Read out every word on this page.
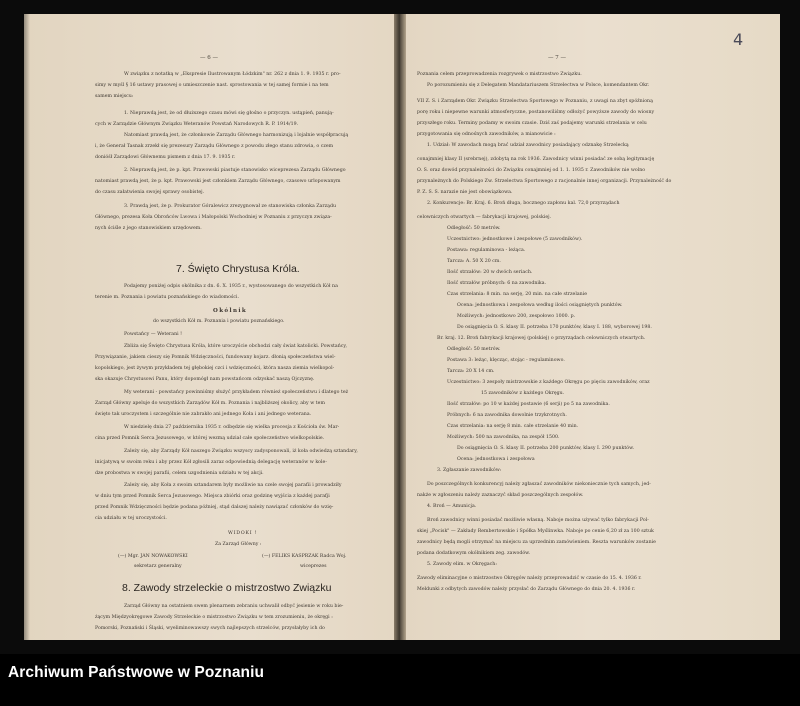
4
— 6 —
W związku z notatką w „Ekspresie Ilustrowanym Łódzkim" nr. 262 z dnia 1. 9. 1935 r. pro-
simy w myśl § 16 ustawy prasowej o umieszczenie nast. sprostowania w tej samej formie i na tem
samem miejscu:
1. Nieprawdą jest, że od dłuższego czasu mówi się głośno o przyczyn. ustąpień, panują-
cych w Zarządzie Głównym Związku Weteranów Powstań Narodowych R. P. 1914/19.
Natomiast prawdą jest, że członkowie Zarządu Głównego harmonizują i lojalnie współpracują
i, że Generał Tasnak zrzekł się prezesury Zarządu Głównego z powodu złego stanu zdrowia, o czem
donióśł Zarządowi Głównemu pismem z dnia 17. 9. 1935 r.
2. Nieprawdą jest, że p. kpt. Prawowski piastuje stanowisko wiceprezesa Zarządu Głównego
natomiast prawdą jest, że p. kpt. Prawowski jest członkiem Zarządu Głównego, czasowo urlopowanym
do czasu załatwienia swojej sprawy osobistej.
3. Prawdą jest, że p. Prokurator Góralewicz zrezygnował ze stanowiska członka Zarządu
Głównego, prezesa Koła Obrońców Lwowa i Małopolski Wschodniej w Poznaniu z przyczyn związa-
nych ściśle z jego stanowiskiem urzędowem.
7. Święto Chrystusa Króla.
Podajemy poniżej odpis okólnika z dn. 6. X. 1935 r., wystosowanego do wszystkich Kół na
terenie m. Poznania i powiatu poznańskiego do wiadomości.
Okólnik
do wszystkich Kół m. Poznania i powiatu poznańskiego.
Powstańcy — Weterani !
Zbliża się Święto Chrystusa Króla, które uroczyście obchodzi cały świat katolicki. Powstańcy,
Przywiązanie, jakiem cieszy się Pomnik Wdzięczności, fundowany kojarz. dłonią społeczeństwa wiel-
kopolskiego, jest żywym przykładem tej głębokiej czci i wdzięczności, która nasza ziemia wielkopol-
ska okazuje Chrystusowi Panu, który dopomógł nam powstańcom odzyskać naszą Ojczyznę.
My weterani - powstańcy powinniśmy służyć przykładem również społeczeństwu i dlatego też
Zarząd Główny apeluje do wszystkich Zarządów Kół m. Poznania i najbliższej okolicy, aby w tem
święto tak uroczystem i szczególnie nie zabrakło ani jednego Koła i ani jednego weterana.
W niedzielę dnia 27 października 1935 r. odbędzie się wielka procesja z Kościoła św. Mar-
cina przed Pomnik Serca Jezusowego, w której wezmą udział całe społeczeństwo wielkopolskie.
Zależy się, aby Zarządy Kół naszego Związku wszyscy zadysponowali, iż koła odwiedzą sztandary,
inicjatywą w swoim reku i aby przez Kół zgłosili zaraz odpowiednią delegację weteranów w kole-
dze probostwa w swojej parafii, celem uzgodnienia udziału w tej akcji.
Zależy się, aby Koła z swoim sztandarem były możliwie na czele swojej parafii i prowadziły
w dniu tym przed Pomnik Serca Jezusowego. Miejsca zbiórki oraz godzinę wyjścia z każdej parafji
przed Pomnik Wdzięczności będzie podana później, stąd dalszej należy nawiązać członków do wzię-
cia udziału w tej uroczystości.
WIDOKI !
Za Zarząd Główny :
(—) Mgr. JAN NOWAKOWSKI
sekretarz generalny
(—) FELIKS KASPRZAK Radca Woj.
wiceprezes
8. Zawody strzeleckie o mistrzostwo Związku
Zarząd Główny na ostatniem swem plenarnem zebraniu uchwalił odbyć jesienie w roku bie-
żącym Międzyokręgowe Zawody Strzeleckie o mistrzostwo Związku w tem zrozumieniu, że okręgi :
Pomorski, Poznański i Śląski, wyeliminowawszy swych najlepszych strzelców, przysłałyby ich do
— 7 —
Poznania celem przeprowadzenia rozgrywek o mistrzostwo Związku.
Po porozumieniu się z Delegatem Mandatariuszem Strzelectwa w Polsce, komendantem Okr.
VII Z. S. i Zarządem Okr. Związku Strzelectwa Sportowego w Poznaniu, z uwagi na zbyt spóźnioną
porę roku i niepewne warunki atmosferyczne, postanowiliśmy odłożyć powyższe zawody do wiosny
przyszłego roku. Terminy podamy w swoim czasie. Dziś zaś podajemy warunki strzelania w celu
przygotowania się odnośnych zawodników, a mianowicie :
1. Udział: W zawodach mogą brać udział zawodnicy posiadający odznakę Strzelecką
conajmniej klasy II (srebrnej), zdobytą na rok 1936. Zawodnicy winni posiadać ze sobą legitymację
O. S. oraz dowód przynależności do Związku conajmniej od 1. 1. 1935 r. Zawodników nie wolno
przynależnych do Polskiego Zw. Strzelectwa Sportowego z racjonalnie innej organizacji. Przynależność do
P. Z. S. S. narazie nie jest obowiązkowa.
2. Konkurencje: Br. Kraj. 6. Broń długa, bocznego zapłonu kal. 72,0 przyrządach
celowniczych otwartych — fabrykacji krajowej, polskiej.
Odległość: 50 metrów.
Uczestnictwo: jednostkowe i zespołowe (5 zawodników).
Postawa: regulaminowa - leżąca.
Tarcza: A. 50 X 20 cm.
Ilość strzałów: 20 w dwóch seriach.
Ilość strzałów próbnych: 6 na zawodnika.
Czas strzelania: 8 min. na serję, 20 min. na całe strzelanie
Ocena: jednostkowa i zespołowa według ilości osiągniętych punktów.
Możliwych: jednostkowo 200, zespołowo 1000. p.
Do osiągnięcia O. S. klasy II. potrzeba 170 punktów, klasy I. 188, wyborowej 198.
Br. kraj. 12. Broń fabrykacji krajowej (polskiej) o przyrządach celowniczych otwartych.
Odległość: 50 metrów.
Postawa 3: leżąc, klęcząc, stojąc - regulaminowo.
Tarcza: 20 X 14 cm.
Uczestnictwo: 3 zespoły mistrzowskie z każdego Okręgu po pięciu zawodników, oraz
15 zawodników z każdego Okręgu.
Ilość strzałów: po 10 w każdej postawie (6 serji) po 5 na zawodnika.
Próbnych: 6 na zawodnika dowolnie trzykrotnych.
Czas strzelania: na serję 8 min. całe strzelanie 40 min.
Możliwych: 500 na zawodnika, na zespół 1500.
Do osiągnięcia O. S. klasy II. potrzeba 200 punktów, klasy I. 290 punktów.
Ocena: jednostkowa i zespołowa
3. Zgłaszanie zawodników:
Do poszczególnych konkurencyj należy zgłaszać zawodników niekoniecznie tych samych, jed-
nakże w zgłoszeniu należy zaznaczyć skład poszczególnych zespołów.
4. Broń — Amunicja.
Broń zawodnicy winni posiadać możliwie własną. Naboje można używać tylko fabrykacji Pol-
skiej „Pocisk" — Zakłady Rembertowskie i Spółka Myślinwka. Naboje po cenie 6,20 zł za 100 sztuk
zawodnicy będą mogli otrzymać na miejscu za uprzednim zamówieniem. Reszta warunków zostanie
podana dodatkowym okólnikiem zeg. zawodów.
5. Zawody elim. w Okręgach:
Zawody eliminacyjne o mistrzostwo Okręgów należy przeprowadzić w czasie do 15. 4. 1936 r.
Meldunki z odbytych zawodów należy przysłać do Zarządu Głównego do dnia 20. 4. 1936 r.
Archiwum Państwowe w Poznaniu
